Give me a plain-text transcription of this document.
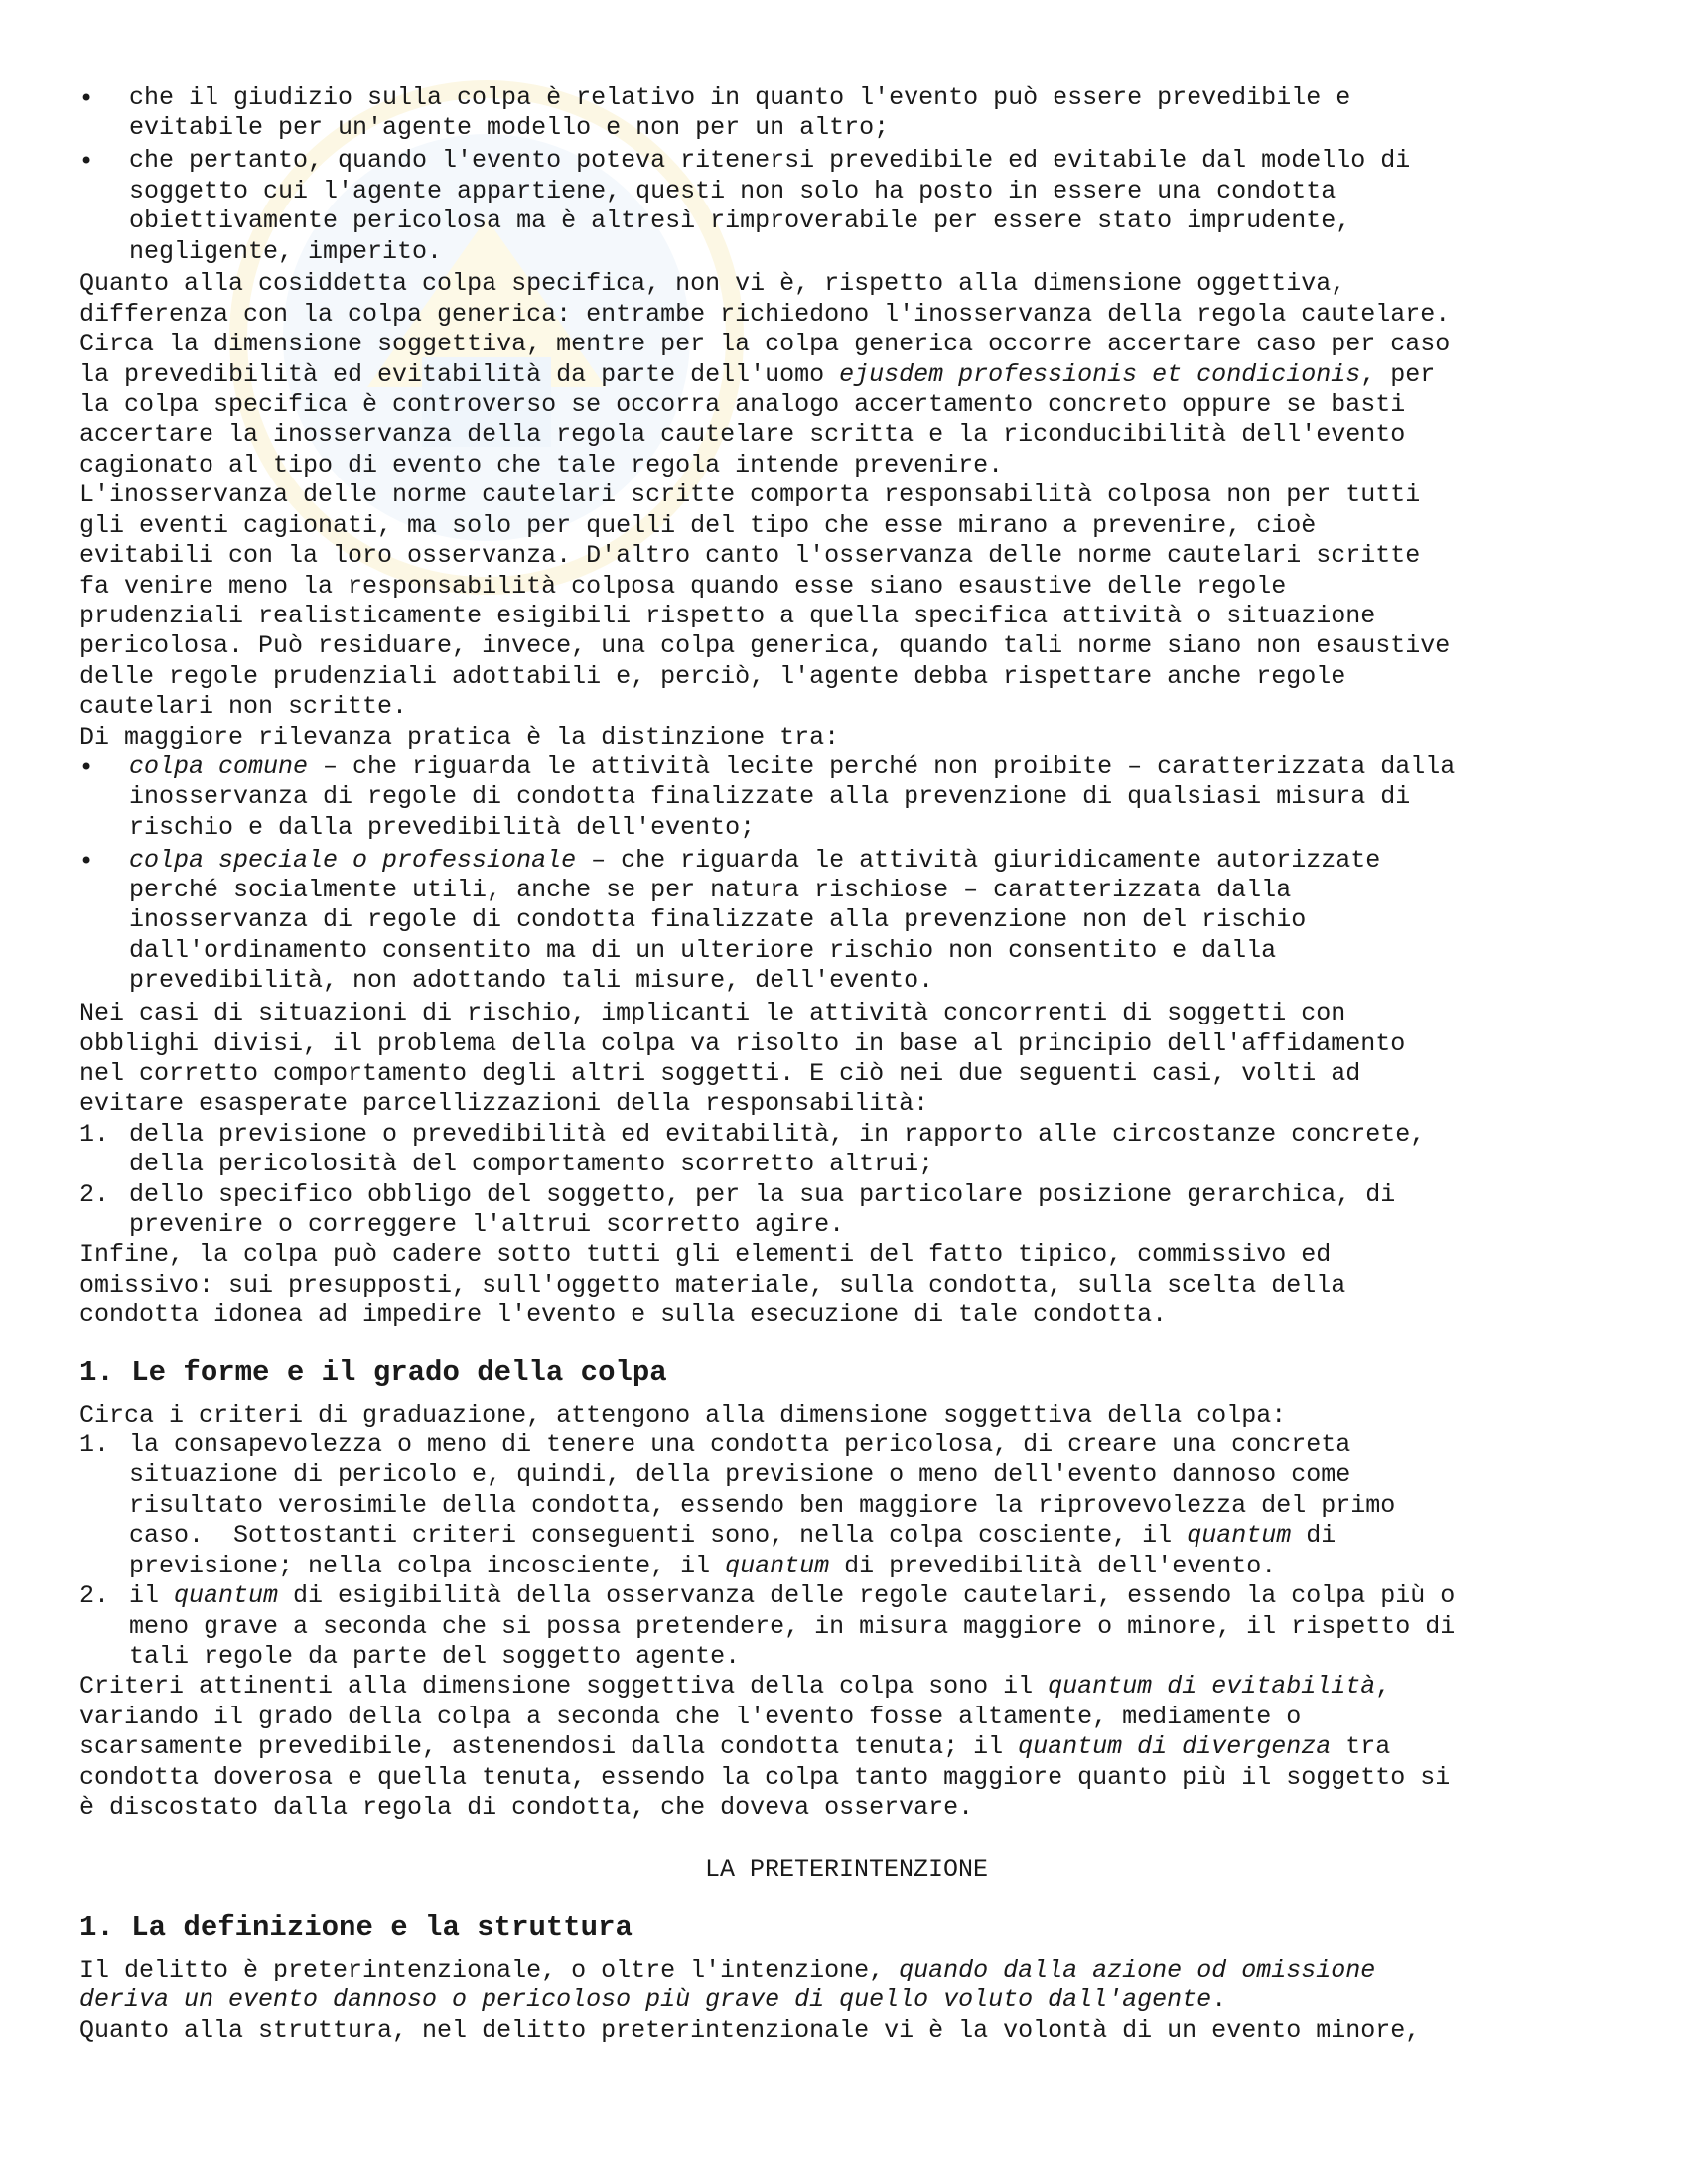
• che il giudizio sulla colpa è relativo in quanto l'evento può essere prevedibile e
evitabile per un'agente modello e non per un altro;
• che pertanto, quando l'evento poteva ritenersi prevedibile ed evitabile dal modello di
soggetto cui l'agente appartiene, questi non solo ha posto in essere una condotta
obiettivamente pericolosa ma è altresì rimproverabile per essere stato imprudente,
negligente, imperito.
Quanto alla cosiddetta colpa specifica, non vi è, rispetto alla dimensione oggettiva,
differenza con la colpa generica: entrambe richiedono l'inosservanza della regola cautelare.
Circa la dimensione soggettiva, mentre per la colpa generica occorre accertare caso per caso
la prevedibilità ed evitabilità da parte dell'uomo ejusdem professionis et condicionis, per
la colpa specifica è controverso se occorra analogo accertamento concreto oppure se basti
accertare la inosservanza della regola cautelare scritta e la riconducibilità dell'evento
cagionato al tipo di evento che tale regola intende prevenire.
L'inosservanza delle norme cautelari scritte comporta responsabilità colposa non per tutti
gli eventi cagionati, ma solo per quelli del tipo che esse mirano a prevenire, cioè
evitabili con la loro osservanza. D'altro canto l'osservanza delle norme cautelari scritte
fa venire meno la responsabilità colposa quando esse siano esaustive delle regole
prudenziali realisticamente esigibili rispetto a quella specifica attività o situazione
pericolosa. Può residuare, invece, una colpa generica, quando tali norme siano non esaustive
delle regole prudenziali adottabili e, perciò, l'agente debba rispettare anche regole
cautelari non scritte.
Di maggiore rilevanza pratica è la distinzione tra:
• colpa comune – che riguarda le attività lecite perché non proibite – caratterizzata dalla
inosservanza di regole di condotta finalizzate alla prevenzione di qualsiasi misura di
rischio e dalla prevedibilità dell'evento;
• colpa speciale o professionale – che riguarda le attività giuridicamente autorizzate
perché socialmente utili, anche se per natura rischiose – caratterizzata dalla
inosservanza di regole di condotta finalizzate alla prevenzione non del rischio
dall'ordinamento consentito ma di un ulteriore rischio non consentito e dalla
prevedibilità, non adottando tali misure, dell'evento.
Nei casi di situazioni di rischio, implicanti le attività concorrenti di soggetti con
obblighi divisi, il problema della colpa va risolto in base al principio dell'affidamento
nel corretto comportamento degli altri soggetti. E ciò nei due seguenti casi, volti ad
evitare esasperate parcellizzazioni della responsabilità:
1. della previsione o prevedibilità ed evitabilità, in rapporto alle circostanze concrete,
della pericolosità del comportamento scorretto altrui;
2. dello specifico obbligo del soggetto, per la sua particolare posizione gerarchica, di
prevenire o correggere l'altrui scorretto agire.
Infine, la colpa può cadere sotto tutti gli elementi del fatto tipico, commissivo ed
omissivo: sui presupposti, sull'oggetto materiale, sulla condotta, sulla scelta della
condotta idonea ad impedire l'evento e sulla esecuzione di tale condotta.
1. Le forme e il grado della colpa
Circa i criteri di graduazione, attengono alla dimensione soggettiva della colpa:
1. la consapevolezza o meno di tenere una condotta pericolosa, di creare una concreta
situazione di pericolo e, quindi, della previsione o meno dell'evento dannoso come
risultato verosimile della condotta, essendo ben maggiore la riprovevolezza del primo
caso.  Sottostanti criteri conseguenti sono, nella colpa cosciente, il quantum di
previsione; nella colpa incosciente, il quantum di prevedibilità dell'evento.
2. il quantum di esigibilità della osservanza delle regole cautelari, essendo la colpa più o
meno grave a seconda che si possa pretendere, in misura maggiore o minore, il rispetto di
tali regole da parte del soggetto agente.
Criteri attinenti alla dimensione soggettiva della colpa sono il quantum di evitabilità,
variando il grado della colpa a seconda che l'evento fosse altamente, mediamente o
scarsamente prevedibile, astenendosi dalla condotta tenuta; il quantum di divergenza tra
condotta doverosa e quella tenuta, essendo la colpa tanto maggiore quanto più il soggetto si
è discostato dalla regola di condotta, che doveva osservare.
LA PRETERINTENZIONE
1. La definizione e la struttura
Il delitto è preterintenzionale, o oltre l'intenzione, quando dalla azione od omissione
deriva un evento dannoso o pericoloso più grave di quello voluto dall'agente.
Quanto alla struttura, nel delitto preterintenzionale vi è la volontà di un evento minore,
